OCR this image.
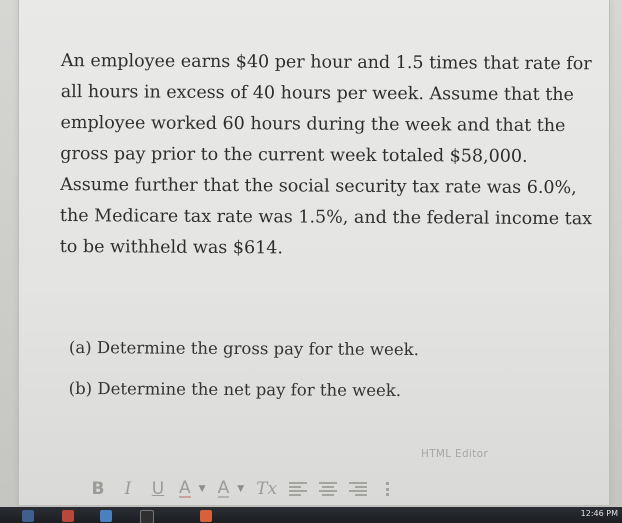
An employee earns $40 per hour and 1.5 times that rate for

all hours in excess of 40 hours per week. Assume that the

employee worked 60 hours during the week and that the

gross pay prior to the current week totaled $58,000.

Assume further that the social security tax rate was 6.0%,

the Medicare tax rate was 1.5%, and the federal income tax

to be withheld was $614.

(a) Determine the gross pay for the week.

(b) Determine the net pay for the week.

HTML Editor
B	I	U A ▼ A ▼ Tx
12:46 PM
